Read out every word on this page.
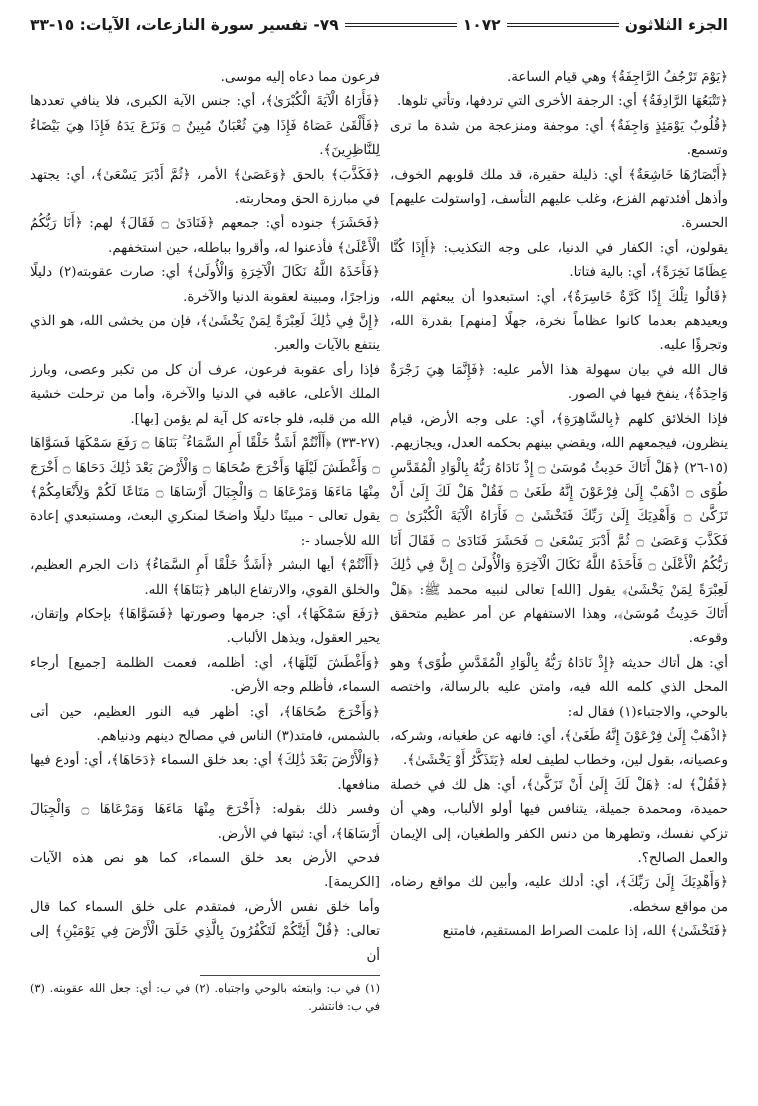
الجزء الثلاثون
١٠٧٢
٧٩- تفسير سورة النازعات، الآيات: ١٥-٣٣

﴿يَوْمَ تَرْجُفُ الرَّاجِفَةُ﴾ وهي قيام الساعة.

﴿تَتْبَعُهَا الرَّادِفَةُ﴾ أي: الرجفة الأخرى التي تردفها، وتأتي تلوها.

﴿قُلُوبٌ يَوْمَئِذٍ وَاجِفَةٌ﴾ أي: موجفة ومنزعجة من شدة ما ترى وتسمع.

﴿أَبْصَارُهَا خَاشِعَةٌ﴾ أي: ذليلة حقيرة، قد ملك قلوبهم الخوف، وأذهل أفئدتهم الفزع، وغلب عليهم التأسف، [واستولت عليهم] الحسرة.

يقولون، أي: الكفار في الدنيا، على وجه التكذيب: ﴿أَإِذَا كُنَّا عِظَامًا نَخِرَةً﴾، أي: بالية فتاتا.

﴿قَالُوا تِلْكَ إِذًا كَرَّةٌ خَاسِرَةٌ﴾، أي: استبعدوا أن يبعثهم الله، ويعيدهم بعدما كانوا عظاماً نخرة، جهلًا [منهم] بقدرة الله، وتجرؤًا عليه.

قال الله في بيان سهولة هذا الأمر عليه: ﴿فَإِنَّمَا هِيَ زَجْرَةٌ وَاحِدَةٌ﴾، ينفخ فيها في الصور.

فإذا الخلائق كلهم ﴿بِالسَّاهِرَةِ﴾، أي: على وجه الأرض، قيام ينظرون، فيجمعهم الله، ويقضي بينهم بحكمه العدل، ويجازيهم.

(١٥-٢٦) ﴿هَلْ أَتَاكَ حَدِيثُ مُوسَىٰ ۝ إِذْ نَادَاهُ رَبُّهُ بِالْوَادِ الْمُقَدَّسِ طُوًى ۝ اذْهَبْ إِلَىٰ فِرْعَوْنَ إِنَّهُ طَغَىٰ ۝ فَقُلْ هَلْ لَكَ إِلَىٰ أَنْ تَزَكَّىٰ ۝ وَأَهْدِيَكَ إِلَىٰ رَبِّكَ فَتَخْشَىٰ ۝ فَأَرَاهُ الْآيَةَ الْكُبْرَىٰ ۝ فَكَذَّبَ وَعَصَىٰ ۝ ثُمَّ أَدْبَرَ يَسْعَىٰ ۝ فَحَشَرَ فَنَادَىٰ ۝ فَقَالَ أَنَا رَبُّكُمُ الْأَعْلَىٰ ۝ فَأَخَذَهُ اللَّهُ نَكَالَ الْآخِرَةِ وَالْأُولَىٰ ۝ إِنَّ فِي ذَٰلِكَ لَعِبْرَةً لِمَنْ يَخْشَىٰ﴾ يقول [الله] تعالى لنبيه محمد ﷺ: ﴿هَلْ أَتَاكَ حَدِيثُ مُوسَىٰ﴾، وهذا الاستفهام عن أمر عظيم متحقق وقوعه.

أي: هل أتاك حديثه ﴿إِذْ نَادَاهُ رَبُّهُ بِالْوَادِ الْمُقَدَّسِ طُوًى﴾ وهو المحل الذي كلمه الله فيه، وامتن عليه بالرسالة، واختصه بالوحي، والاجتباء(١) فقال له:

﴿اذْهَبْ إِلَىٰ فِرْعَوْنَ إِنَّهُ طَغَىٰ﴾، أي: فانهه عن طغيانه، وشركه، وعصيانه، بقول لين، وخطاب لطيف لعله ﴿يَتَذَكَّرُ أَوْ يَخْشَىٰ﴾.

﴿فَقُلْ﴾ له: ﴿هَلْ لَكَ إِلَىٰ أَنْ تَزَكَّىٰ﴾، أي: هل لك في خصلة حميدة، ومحمدة جميلة، يتنافس فيها أولو الألباب، وهي أن تزكي نفسك، وتطهرها من دنس الكفر والطغيان، إلى الإيمان والعمل الصالح؟.

﴿وَأَهْدِيَكَ إِلَىٰ رَبِّكَ﴾، أي: أدلك عليه، وأبين لك مواقع رضاه، من مواقع سخطه.

﴿فَتَخْشَىٰ﴾ الله، إذا علمت الصراط المستقيم، فامتنع

فرعون مما دعاه إليه موسى.

﴿فَأَرَاهُ الْآيَةَ الْكُبْرَىٰ﴾، أي: جنس الآية الكبرى، فلا ينافي تعددها ﴿فَأَلْقَىٰ عَصَاهُ فَإِذَا هِيَ ثُعْبَانٌ مُبِينٌ ۝ وَنَزَعَ يَدَهُ فَإِذَا هِيَ بَيْضَاءُ لِلنَّاظِرِينَ﴾.

﴿فَكَذَّبَ﴾ بالحق ﴿وَعَصَىٰ﴾ الأمر، ﴿ثُمَّ أَدْبَرَ يَسْعَىٰ﴾، أي: يجتهد في مبارزة الحق ومحاربته.

﴿فَحَشَرَ﴾ جنوده أي: جمعهم ﴿فَنَادَىٰ ۝ فَقَالَ﴾ لهم: ﴿أَنَا رَبُّكُمُ الْأَعْلَىٰ﴾ فأذعنوا له، وأقروا بباطله، حين استخفهم.

﴿فَأَخَذَهُ اللَّهُ نَكَالَ الْآخِرَةِ وَالْأُولَىٰ﴾ أي: صارت عقوبته(٢) دليلًا وزاجرًا، ومبينة لعقوبة الدنيا والآخرة.

﴿إِنَّ فِي ذَٰلِكَ لَعِبْرَةً لِمَنْ يَخْشَىٰ﴾، فإن من يخشى الله، هو الذي ينتفع بالآيات والعبر.

فإذا رأى عقوبة فرعون، عرف أن كل من تكبر وعصى، وبارز الملك الأعلى، عاقبه في الدنيا والآخرة، وأما من ترحلت خشية الله من قلبه، فلو جاءته كل آية لم يؤمن [بها].

(٢٧-٣٣) ﴿أَأَنْتُمْ أَشَدُّ خَلْقًا أَمِ السَّمَاءُ ۚ بَنَاهَا ۝ رَفَعَ سَمْكَهَا فَسَوَّاهَا ۝ وَأَغْطَشَ لَيْلَهَا وَأَخْرَجَ ضُحَاهَا ۝ وَالْأَرْضَ بَعْدَ ذَٰلِكَ دَحَاهَا ۝ أَخْرَجَ مِنْهَا مَاءَهَا وَمَرْعَاهَا ۝ وَالْجِبَالَ أَرْسَاهَا ۝ مَتَاعًا لَكُمْ وَلِأَنْعَامِكُمْ﴾ يقول تعالى - مبينًا دليلًا واضحًا لمنكري البعث، ومستبعدي إعادة الله للأجساد -:

﴿أَأَنْتُمْ﴾ أيها البشر ﴿أَشَدُّ خَلْقًا أَمِ السَّمَاءُ﴾ ذات الجرم العظيم، والخلق القوي، والارتفاع الباهر ﴿بَنَاهَا﴾ الله.

﴿رَفَعَ سَمْكَهَا﴾، أي: جرمها وصورتها ﴿فَسَوَّاهَا﴾ بإحكام وإتقان، يحير العقول، ويذهل الألباب.

﴿وَأَغْطَشَ لَيْلَهَا﴾، أي: أظلمه، فعمت الظلمة [جميع] أرجاء السماء، فأظلم وجه الأرض.

﴿وَأَخْرَجَ ضُحَاهَا﴾، أي: أظهر فيه النور العظيم، حين أتى بالشمس، فامتد(٣) الناس في مصالح دينهم ودنياهم.

﴿وَالْأَرْضَ بَعْدَ ذَٰلِكَ﴾ أي: بعد خلق السماء ﴿دَحَاهَا﴾، أي: أودع فيها منافعها.

وفسر ذلك بقوله: ﴿أَخْرَجَ مِنْهَا مَاءَهَا وَمَرْعَاهَا ۝ وَالْجِبَالَ أَرْسَاهَا﴾، أي: ثبتها في الأرض.

فدحي الأرض بعد خلق السماء، كما هو نص هذه الآيات [الكريمة].

وأما خلق نفس الأرض، فمتقدم على خلق السماء كما قال تعالى: ﴿قُلْ أَئِنَّكُمْ لَتَكْفُرُونَ بِالَّذِي خَلَقَ الْأَرْضَ فِي يَوْمَيْنِ﴾ إلى أن

(١) في ب: وابتعثه بالوحي واجتباه. (٢) في ب: أي: جعل الله عقوبته. (٣) في ب: فانتشر.
